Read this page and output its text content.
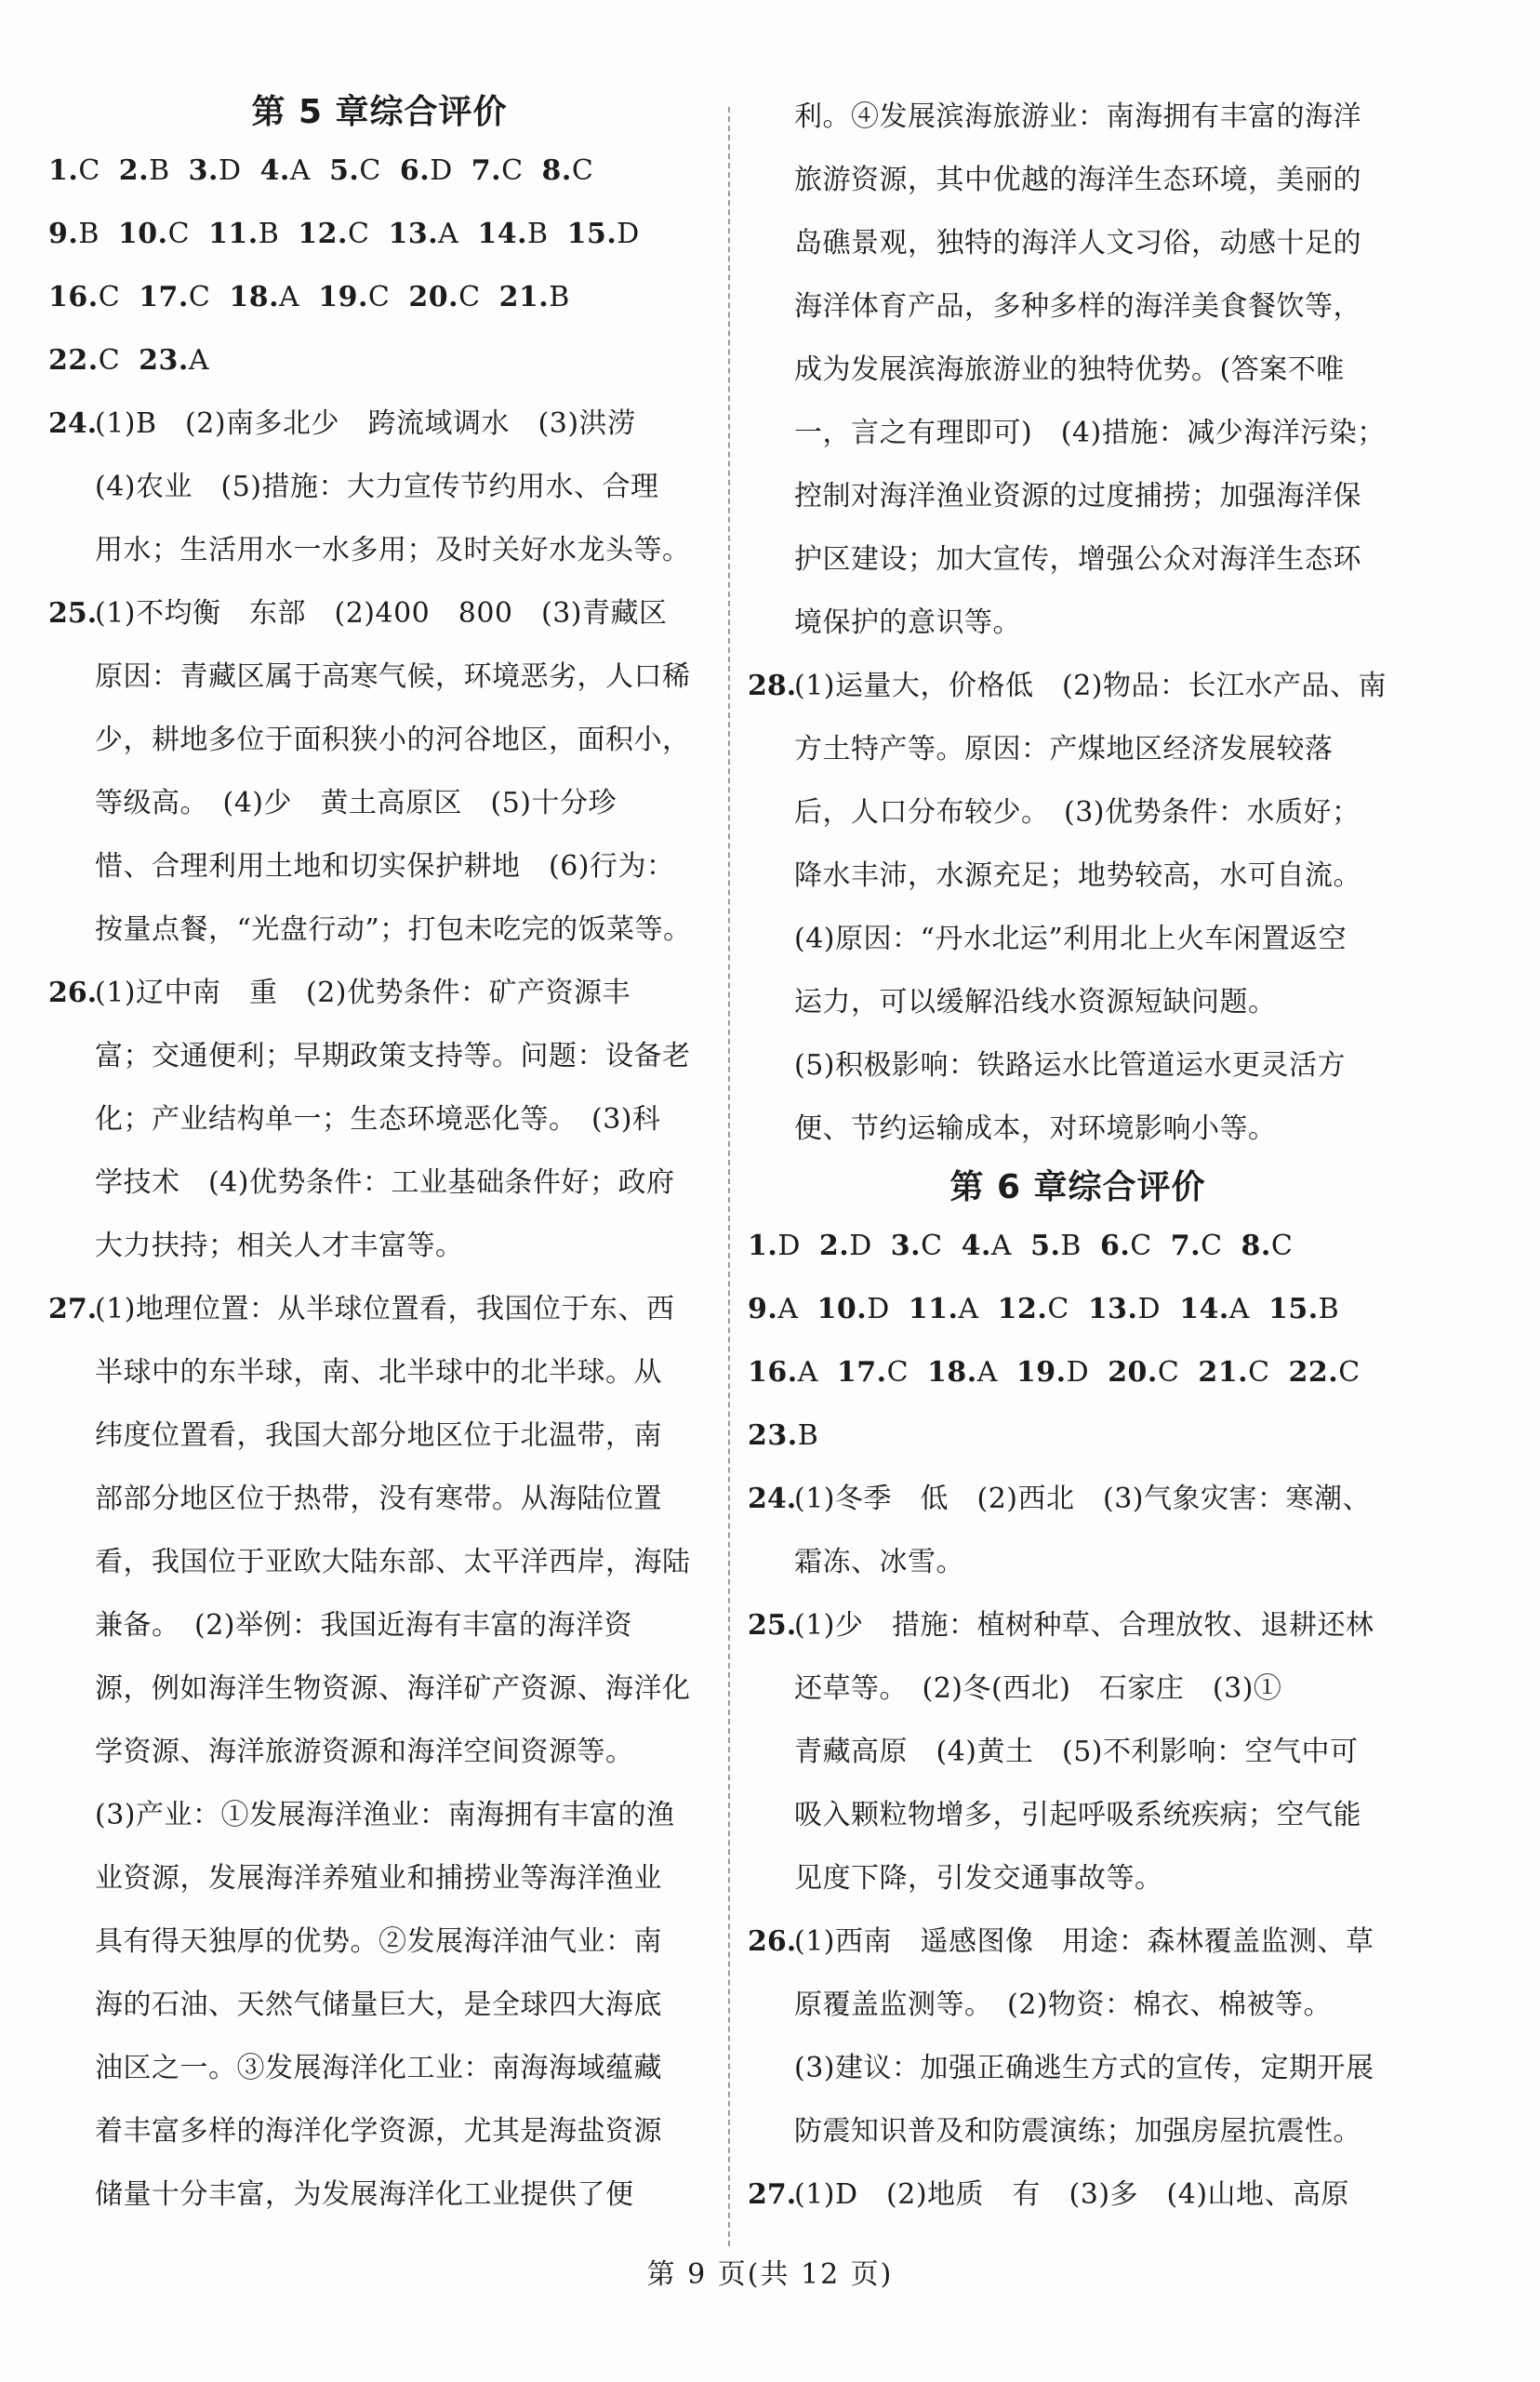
第 5 章综合评价
1.C 2.B 3.D 4.A 5.C 6.D 7.C 8.C
9.B 10.C 11.B 12.C 13.A 14.B 15.D
16.C 17.C 18.A 19.C 20.C 21.B
22.C 23.A
24.
(1)B　(2)南多北少　跨流域调水　(3)洪涝
(4)农业　(5)措施：大力宣传节约用水、合理
用水；生活用水一水多用；及时关好水龙头等。
25.
(1)不均衡　东部　(2)400　800　(3)青藏区
原因：青藏区属于高寒气候，环境恶劣，人口稀
少，耕地多位于面积狭小的河谷地区，面积小，
等级高。　(4)少　黄土高原区　(5)十分珍
惜、合理利用土地和切实保护耕地　(6)行为：
按量点餐，“光盘行动”；打包未吃完的饭菜等。
26.
(1)辽中南　重　(2)优势条件：矿产资源丰
富；交通便利；早期政策支持等。问题：设备老
化；产业结构单一；生态环境恶化等。　(3)科
学技术　(4)优势条件：工业基础条件好；政府
大力扶持；相关人才丰富等。
27.
(1)地理位置：从半球位置看，我国位于东、西
半球中的东半球，南、北半球中的北半球。从
纬度位置看，我国大部分地区位于北温带，南
部部分地区位于热带，没有寒带。从海陆位置
看，我国位于亚欧大陆东部、太平洋西岸，海陆
兼备。　(2)举例：我国近海有丰富的海洋资
源，例如海洋生物资源、海洋矿产资源、海洋化
学资源、海洋旅游资源和海洋空间资源等。
(3)产业：①发展海洋渔业：南海拥有丰富的渔
业资源，发展海洋养殖业和捕捞业等海洋渔业
具有得天独厚的优势。②发展海洋油气业：南
海的石油、天然气储量巨大，是全球四大海底
油区之一。③发展海洋化工业：南海海域蕴藏
着丰富多样的海洋化学资源，尤其是海盐资源
储量十分丰富，为发展海洋化工业提供了便
利。④发展滨海旅游业：南海拥有丰富的海洋
旅游资源，其中优越的海洋生态环境，美丽的
岛礁景观，独特的海洋人文习俗，动感十足的
海洋体育产品，多种多样的海洋美食餐饮等，
成为发展滨海旅游业的独特优势。(答案不唯
一，言之有理即可)　(4)措施：减少海洋污染；
控制对海洋渔业资源的过度捕捞；加强海洋保
护区建设；加大宣传，增强公众对海洋生态环
境保护的意识等。
28.
(1)运量大，价格低　(2)物品：长江水产品、南
方土特产等。原因：产煤地区经济发展较落
后，人口分布较少。　(3)优势条件：水质好；
降水丰沛，水源充足；地势较高，水可自流。
(4)原因：“丹水北运”利用北上火车闲置返空
运力，可以缓解沿线水资源短缺问题。
(5)积极影响：铁路运水比管道运水更灵活方
便、节约运输成本，对环境影响小等。
第 6 章综合评价
1.D 2.D 3.C 4.A 5.B 6.C 7.C 8.C
9.A 10.D 11.A 12.C 13.D 14.A 15.B
16.A 17.C 18.A 19.D 20.C 21.C 22.C
23.B
24.
(1)冬季　低　(2)西北　(3)气象灾害：寒潮、
霜冻、冰雪。
25.
(1)少　措施：植树种草、合理放牧、退耕还林
还草等。　(2)冬(西北)　石家庄　(3)①
青藏高原　(4)黄土　(5)不利影响：空气中可
吸入颗粒物增多，引起呼吸系统疾病；空气能
见度下降，引发交通事故等。
26.
(1)西南　遥感图像　用途：森林覆盖监测、草
原覆盖监测等。　(2)物资：棉衣、棉被等。
(3)建议：加强正确逃生方式的宣传，定期开展
防震知识普及和防震演练；加强房屋抗震性。
27.
(1)D　(2)地质　有　(3)多　(4)山地、高原
第 9 页(共 12 页)
